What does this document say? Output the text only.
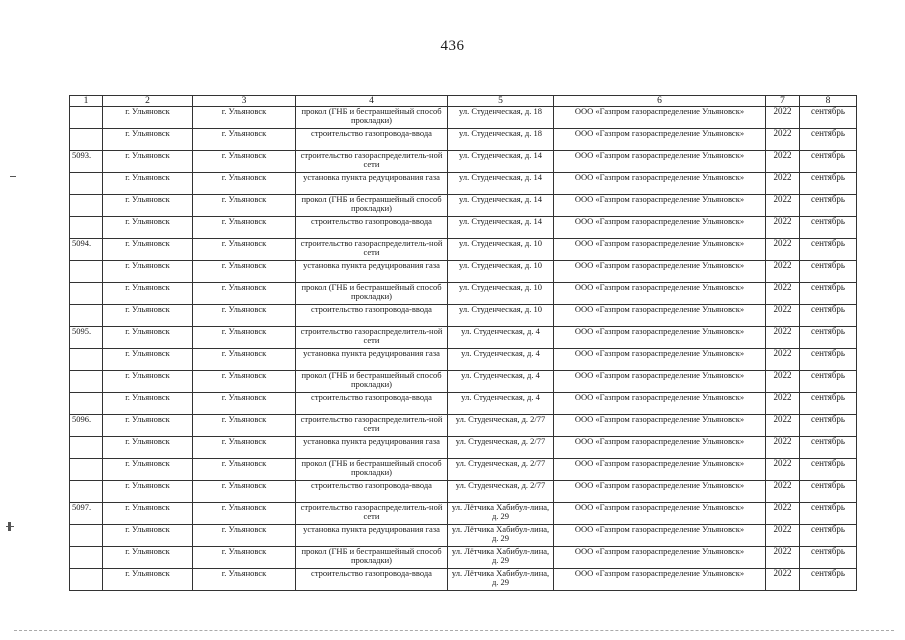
436
1	2	3	4	5	6	7	8
	г. Ульяновск	г. Ульяновск	прокол (ГНБ и бестраншейный способ прокладки)	ул. Студенческая, д. 18	ООО «Газпром газораспределение Ульяновск»	2022	сентябрь
	г. Ульяновск	г. Ульяновск	строительство газопровода-ввода	ул. Студенческая, д. 18	ООО «Газпром газораспределение Ульяновск»	2022	сентябрь
5093.	г. Ульяновск	г. Ульяновск	строительство газораспределитель-ной сети	ул. Студенческая, д. 14	ООО «Газпром газораспределение Ульяновск»	2022	сентябрь
	г. Ульяновск	г. Ульяновск	установка пункта редуцирования газа	ул. Студенческая, д. 14	ООО «Газпром газораспределение Ульяновск»	2022	сентябрь
	г. Ульяновск	г. Ульяновск	прокол (ГНБ и бестраншейный способ прокладки)	ул. Студенческая, д. 14	ООО «Газпром газораспределение Ульяновск»	2022	сентябрь
	г. Ульяновск	г. Ульяновск	строительство газопровода-ввода	ул. Студенческая, д. 14	ООО «Газпром газораспределение Ульяновск»	2022	сентябрь
5094.	г. Ульяновск	г. Ульяновск	строительство газораспределитель-ной сети	ул. Студенческая, д. 10	ООО «Газпром газораспределение Ульяновск»	2022	сентябрь
	г. Ульяновск	г. Ульяновск	установка пункта редуцирования газа	ул. Студенческая, д. 10	ООО «Газпром газораспределение Ульяновск»	2022	сентябрь
	г. Ульяновск	г. Ульяновск	прокол (ГНБ и бестраншейный способ прокладки)	ул. Студенческая, д. 10	ООО «Газпром газораспределение Ульяновск»	2022	сентябрь
	г. Ульяновск	г. Ульяновск	строительство газопровода-ввода	ул. Студенческая, д. 10	ООО «Газпром газораспределение Ульяновск»	2022	сентябрь
5095.	г. Ульяновск	г. Ульяновск	строительство газораспределитель-ной сети	ул. Студенческая, д. 4	ООО «Газпром газораспределение Ульяновск»	2022	сентябрь
	г. Ульяновск	г. Ульяновск	установка пункта редуцирования газа	ул. Студенческая, д. 4	ООО «Газпром газораспределение Ульяновск»	2022	сентябрь
	г. Ульяновск	г. Ульяновск	прокол (ГНБ и бестраншейный способ прокладки)	ул. Студенческая, д. 4	ООО «Газпром газораспределение Ульяновск»	2022	сентябрь
	г. Ульяновск	г. Ульяновск	строительство газопровода-ввода	ул. Студенческая, д. 4	ООО «Газпром газораспределение Ульяновск»	2022	сентябрь
5096.	г. Ульяновск	г. Ульяновск	строительство газораспределитель-ной сети	ул. Студенческая, д. 2/77	ООО «Газпром газораспределение Ульяновск»	2022	сентябрь
	г. Ульяновск	г. Ульяновск	установка пункта редуцирования газа	ул. Студенческая, д. 2/77	ООО «Газпром газораспределение Ульяновск»	2022	сентябрь
	г. Ульяновск	г. Ульяновск	прокол (ГНБ и бестраншейный способ прокладки)	ул. Студенческая, д. 2/77	ООО «Газпром газораспределение Ульяновск»	2022	сентябрь
	г. Ульяновск	г. Ульяновск	строительство газопровода-ввода	ул. Студенческая, д. 2/77	ООО «Газпром газораспределение Ульяновск»	2022	сентябрь
5097.	г. Ульяновск	г. Ульяновск	строительство газораспределитель-ной сети	ул. Лётчика Хабибул-лина, д. 29	ООО «Газпром газораспределение Ульяновск»	2022	сентябрь
	г. Ульяновск	г. Ульяновск	установка пункта редуцирования газа	ул. Лётчика Хабибул-лина, д. 29	ООО «Газпром газораспределение Ульяновск»	2022	сентябрь
	г. Ульяновск	г. Ульяновск	прокол (ГНБ и бестраншейный способ прокладки)	ул. Лётчика Хабибул-лина, д. 29	ООО «Газпром газораспределение Ульяновск»	2022	сентябрь
	г. Ульяновск	г. Ульяновск	строительство газопровода-ввода	ул. Лётчика Хабибул-лина, д. 29	ООО «Газпром газораспределение Ульяновск»	2022	сентябрь
